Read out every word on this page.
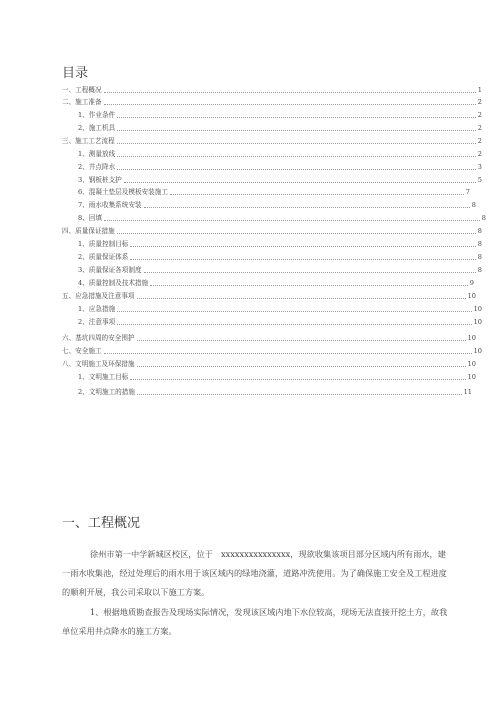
目录
一、工程概况	1
二、施工准备	2
1、作业条件	2
2、施工机具	2
三、施工工艺流程	2
1、测量放线	2
2、井点降水	3
3、钢板桩支护	5
6、混凝土垫层及模板安装施工	7
7、雨水收集系统安装	8
8、回填	8
四、质量保证措施	8
1、质量控制目标	8
2、质量保证体系	8
3、质量保证各项制度	8
4、质量控制及技术措施	9
五、应急措施及注意事项	10
1、应急措施	10
2、注意事项	10
六、基坑四周的安全围护	10
七、安全施工	10
八、文明施工及环保措施	10
1、文明施工目标	10
2、文明施工的措施	11
一、工程概况

徐州市第一中学新城区校区，位于　xxxxxxxxxxxxxxx，现欲收集该项目部分区域内所有雨水，建一雨水收集池，经过处理后的雨水用于该区域内的绿地浇灌，道路冲洗使用。为了确保施工安全及工程进度的顺利开展，我公司采取以下施工方案。

1、根据地质勘查报告及现场实际情况，发现该区域内地下水位较高，现场无法直接开挖土方，故我单位采用井点降水的施工方案。
